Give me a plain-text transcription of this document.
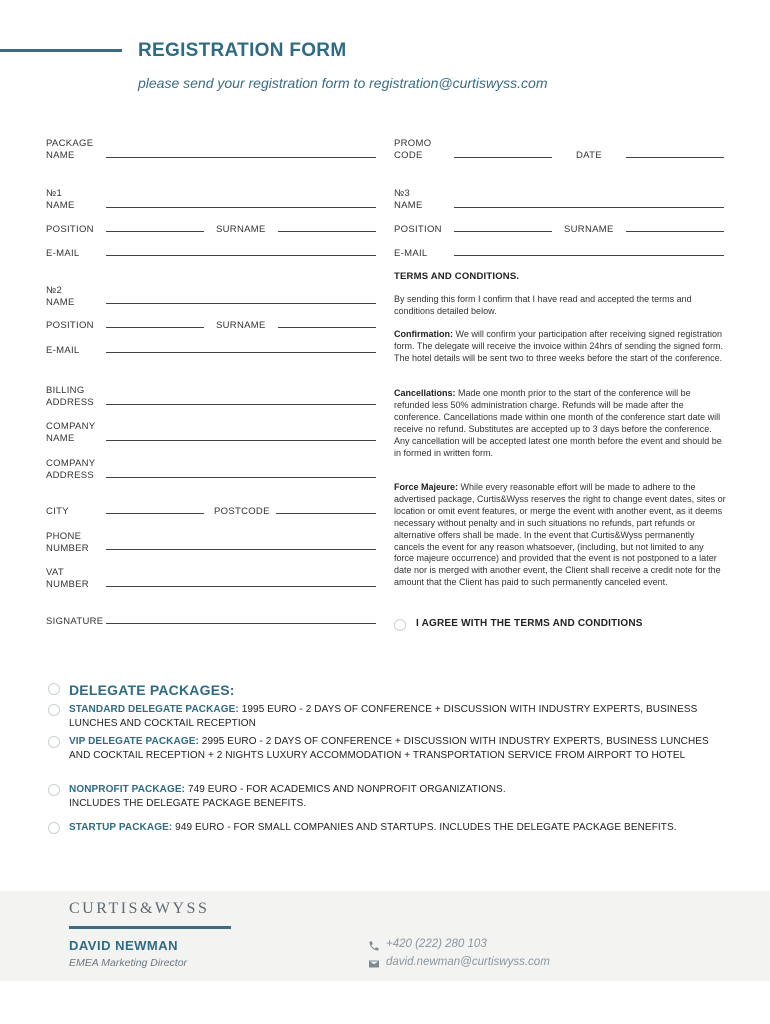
REGISTRATION FORM
please send your registration form to registration@curtiswyss.com
PACKAGE
NAME
№1
NAME
POSITION	SURNAME
E-MAIL
№2
NAME
POSITION	SURNAME
E-MAIL
BILLING
ADDRESS
COMPANY
NAME
COMPANY
ADDRESS
CITY	POSTCODE
PHONE
NUMBER
VAT
NUMBER
SIGNATURE
PROMO
CODE	DATE
№3
NAME
POSITION	SURNAME
E-MAIL
TERMS AND CONDITIONS.
By sending this form I confirm that I have read and accepted the terms and conditions detailed below.
Confirmation: We will confirm your participation after receiving signed registration form. The delegate will receive the invoice within 24hrs of sending the signed form. The hotel details will be sent two to three weeks before the start of the conference.
Cancellations: Made one month prior to the start of the conference will be refunded less 50% administration charge. Refunds will be made after the conference. Cancellations made within one month of the conference start date will receive no refund. Substitutes are accepted up to 3 days before the conference. Any cancellation will be accepted latest one month before the event and should be in formed in written form.
Force Majeure: While every reasonable effort will be made to adhere to the advertised package, Curtis&Wyss reserves the right to change event dates, sites or location or omit event features, or merge the event with another event, as it deems necessary without penalty and in such situations no refunds, part refunds or alternative offers shall be made. In the event that Curtis&Wyss permanently cancels the event for any reason whatsoever, (including, but not limited to any force majeure occurrence) and provided that the event is not postponed to a later date nor is merged with another event, the Client shall receive a credit note for the amount that the Client has paid to such permanently canceled event.
I AGREE WITH THE TERMS AND CONDITIONS
DELEGATE PACKAGES:
STANDARD DELEGATE PACKAGE: 1995 EURO - 2 DAYS OF CONFERENCE + DISCUSSION WITH INDUSTRY EXPERTS, BUSINESS LUNCHES AND COCKTAIL RECEPTION
VIP DELEGATE PACKAGE: 2995 EURO - 2 DAYS OF CONFERENCE + DISCUSSION WITH INDUSTRY EXPERTS, BUSINESS LUNCHES AND COCKTAIL RECEPTION + 2 NIGHTS LUXURY ACCOMMODATION + TRANSPORTATION SERVICE FROM AIRPORT TO HOTEL
NONPROFIT PACKAGE: 749 EURO - FOR ACADEMICS AND NONPROFIT ORGANIZATIONS.
INCLUDES THE DELEGATE PACKAGE BENEFITS.
STARTUP PACKAGE: 949 EURO - FOR SMALL COMPANIES AND STARTUPS. INCLUDES THE DELEGATE PACKAGE BENEFITS.
CURTIS&WYSS
DAVID NEWMAN
EMEA Marketing Director
+420 (222) 280 103
david.newman@curtiswyss.com
